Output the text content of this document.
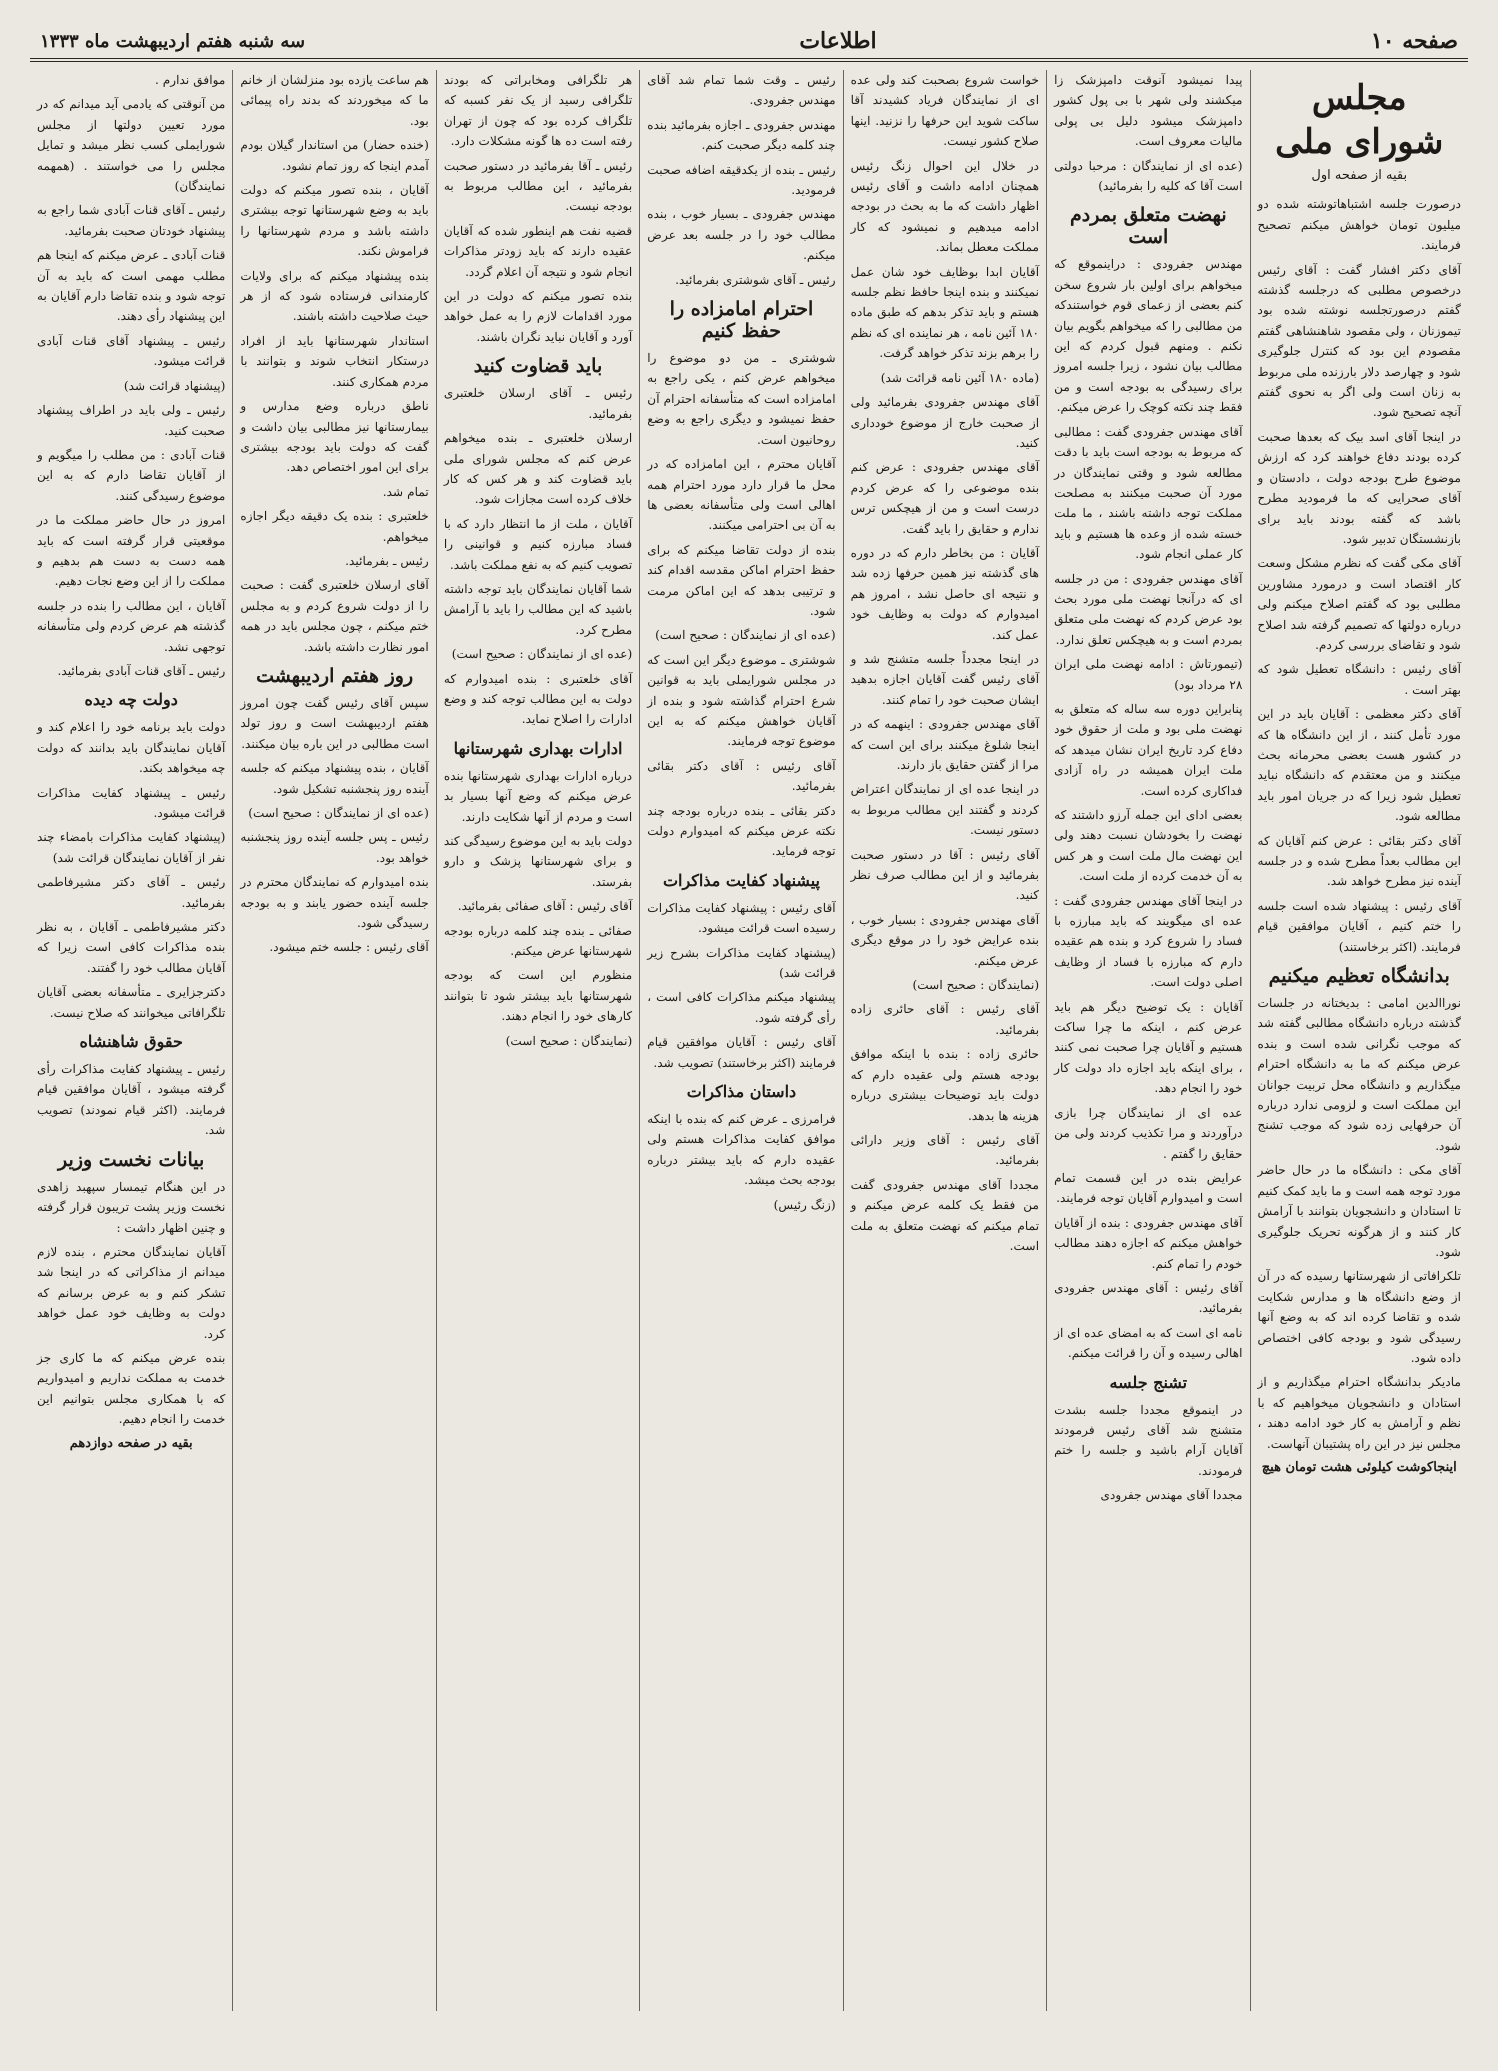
صفحه ۱۰
اطلاعات
سه شنبه هفتم ارديبهشت ماه ۱۳۳۳
مجلس شورای ملی
بقیه از صفحه اول

درصورت جلسه اشتباهاتوشته شده دو میلیون تومان خواهش میکنم تصحیح فرمایند.

آقای دکتر افشار گفت : آقای رئیس درخصوص مطلبی که درجلسه گذشته گفتم درصورتجلسه نوشته شده بود تیموزنان ، ولی مقصود شاهنشاهی گفتم مقصودم این بود که کنترل جلوگیری شود و چهارصد دلار بارزنده ملی مربوط به زنان است ولی اگر به نحوی گفتم آنچه تصحیح شود.

در اینجا آقای اسد بیک که بعدها صحبت کرده بودند دفاع خواهند کرد که ارزش موضوع طرح بودجه دولت ، دادستان و آقای صحرایی که ما فرمودید مطرح باشد که گفته بودند باید برای بازنشستگان تدبیر شود.

آقای مکی گفت که نظرم مشکل وسعت کار اقتصاد است و درمورد مشاورین مطلبی بود که گفتم اصلاح میکنم ولی درباره دولتها که تصمیم گرفته شد اصلاح شود و تقاضای بررسی کردم.

آقای رئیس : دانشگاه تعطیل شود که بهتر است .

آقای دکتر معظمی : آقایان باید در این مورد تأمل کنند ، از این دانشگاه ها که در کشور هست بعضی محرمانه بحث میکنند و من معتقدم که دانشگاه نباید تعطیل شود زیرا که در جریان امور باید مطالعه شود.

آقای دکتر بقائی : عرض کنم آقایان که این مطالب بعداً مطرح شده و در جلسه آینده نیز مطرح خواهد شد.

آقای رئیس : پیشنهاد شده است جلسه را ختم کنیم ، آقایان موافقین قیام فرمایند. (اکثر برخاستند)

بدانشگاه تعظیم میکنیم

نوراالدین امامی : بدیختانه در جلسات گذشته درباره دانشگاه مطالبی گفته شد که موجب نگرانی شده است و بنده عرض میکنم که ما به دانشگاه احترام میگذاریم و دانشگاه محل تربیت جوانان این مملکت است و لزومی ندارد درباره آن حرفهایی زده شود که موجب تشنج شود.

آقای مکی : دانشگاه ما در حال حاضر مورد توجه همه است و ما باید کمک کنیم تا استادان و دانشجویان بتوانند با آرامش کار کنند و از هرگونه تحریک جلوگیری شود.

تلکرافاتی از شهرستانها رسیده که در آن از وضع دانشگاه ها و مدارس شکایت شده و تقاضا کرده اند که به وضع آنها رسیدگی شود و بودجه کافی اختصاص داده شود.

مادیکر بدانشگاه احترام میگذاریم و از استادان و دانشجویان میخواهیم که با نظم و آرامش به کار خود ادامه دهند ، مجلس نیز در این راه پشتیبان آنهاست.

اینجاکوشت کیلوئی هشت تومان هیچ

پیدا نمیشود آنوقت دامپزشک زا میکشند ولی شهر با بی پول کشور دامپزشک میشود دلیل بی پولی مالیات معروف است.

(عده ای از نمایندگان : مرحبا دولتی است آقا که کلیه را بفرمائید)

نهضت متعلق بمردم است

مهندس جفرودی : دراینموقع که میخواهم برای اولین بار شروع سخن کنم بعضی از زعمای قوم خواستندکه من مطالبی را که میخواهم بگویم بیان نکنم . ومنهم قبول کردم که این مطالب بیان نشود ، زیرا جلسه امروز برای رسیدگی به بودجه است و من فقط چند نکته کوچک را عرض میکنم.

آقای مهندس جفرودی گفت : مطالبی که مربوط به بودجه است باید با دقت مطالعه شود و وقتی نمایندگان در مورد آن صحبت میکنند به مصلحت مملکت توجه داشته باشند ، ما ملت خسته شده از وعده ها هستیم و باید کار عملی انجام شود.

آقای مهندس جفرودی : من در جلسه ای که درآنجا نهضت ملی مورد بحث بود عرض کردم که نهضت ملی متعلق بمردم است و به هیچکس تعلق ندارد.

(تیمورتاش : ادامه نهضت ملی ایران ۲۸ مرداد بود)

پنابراین دوره سه ساله که متعلق به نهضت ملی بود و ملت از حقوق خود دفاع کرد تاریخ ایران نشان میدهد که ملت ایران همیشه در راه آزادی فداکاری کرده است.

بعضی ادای این جمله آرزو داشتند که نهضت را بخودشان نسبت دهند ولی این نهضت مال ملت است و هر کس به آن خدمت کرده از ملت است.

در اینجا آقای مهندس جفرودی گفت : عده ای میگویند که باید مبارزه با فساد را شروع کرد و بنده هم عقیده دارم که مبارزه با فساد از وظایف اصلی دولت است.

آقایان : یک توضیح دیگر هم باید عرض کنم ، اینکه ما چرا ساکت هستیم و آقایان چرا صحبت نمی کنند ، برای اینکه باید اجازه داد دولت کار خود را انجام دهد.

عده ای از نمایندگان چرا بازی درآوردند و مرا تکذیب کردند ولی من حقایق را گفتم .

عرایض بنده در این قسمت تمام است و امیدوارم آقایان توجه فرمایند.

آقای مهندس جفرودی : بنده از آقایان خواهش میکنم که اجازه دهند مطالب خودم را تمام کنم.

آقای رئیس : آقای مهندس جفرودی بفرمائید.

نامه ای است که به امضای عده ای از اهالی رسیده و آن را قرائت میکنم.

تشنج جلسه

در اینموقع مجددا جلسه بشدت متشنج شد آقای رئیس فرمودند آقایان آرام باشید و جلسه را ختم فرمودند.

مجددا آقای مهندس جفرودی

خواست شروع بصحبت کند ولی عده ای از نمایندگان فریاد کشیدند آقا ساکت شوید این حرفها را نزنید. اینها صلاح کشور نیست.

در خلال این احوال زنگ رئیس همچنان ادامه داشت و آقای رئیس اظهار داشت که ما به بحث در بودجه ادامه میدهیم و نمیشود که کار مملکت معطل بماند.

آقایان ابدا بوظایف خود شان عمل نمیکنند و بنده اینجا حافظ نظم جلسه هستم و باید تذکر بدهم که طبق ماده ۱۸۰ آئین نامه ، هر نماینده ای که نظم را برهم بزند تذکر خواهد گرفت.

(ماده ۱۸۰ آئین نامه قرائت شد)

آقای مهندس جفرودی بفرمائید ولی از صحبت خارج از موضوع خودداری کنید.

آقای مهندس جفرودی : عرض کنم بنده موضوعی را که عرض کردم درست است و من از هیچکس ترس ندارم و حقایق را باید گفت.

آقایان : من بخاطر دارم که در دوره های گذشته نیز همین حرفها زده شد و نتیجه ای حاصل نشد ، امروز هم امیدوارم که دولت به وظایف خود عمل کند.

در اینجا مجدداً جلسه متشنج شد و آقای رئیس گفت آقایان اجازه بدهید ایشان صحبت خود را تمام کنند.

آقای مهندس جفرودی : اینهمه که در اینجا شلوغ میکنند برای این است که مرا از گفتن حقایق باز دارند.

در اینجا عده ای از نمایندگان اعتراض کردند و گفتند این مطالب مربوط به دستور نیست.

آقای رئیس : آقا در دستور صحبت بفرمائید و از این مطالب صرف نظر کنید.

آقای مهندس جفرودی : بسیار خوب ، بنده عرایض خود را در موقع دیگری عرض میکنم.

(نمایندگان : صحیح است)

آقای رئیس : آقای حائری زاده بفرمائید.

حائری زاده : بنده با اینکه موافق بودجه هستم ولی عقیده دارم که دولت باید توضیحات بیشتری درباره هزینه ها بدهد.

آقای رئیس : آقای وزیر دارائی بفرمائید.

مجددا آقای مهندس جفرودی گفت من فقط یک کلمه عرض میکنم و تمام میکنم که نهضت متعلق به ملت است.

رئیس ـ وقت شما تمام شد آقای مهندس جفرودی.

مهندس جفرودی ـ اجازه بفرمائید بنده چند کلمه دیگر صحبت کنم.

رئیس ـ بنده از یکدقیقه اضافه صحبت فرمودید.

مهندس جفرودی ـ بسیار خوب ، بنده مطالب خود را در جلسه بعد عرض میکنم.

رئیس ـ آقای شوشتری بفرمائید.

احترام امامزاده را حفظ کنیم

شوشتری ـ من دو موضوع را میخواهم عرض کنم ، یکی راجع به امامزاده است که متأسفانه احترام آن حفظ نمیشود و دیگری راجع به وضع روحانیون است.

آقایان محترم ، این امامزاده که در محل ما قرار دارد مورد احترام همه اهالی است ولی متأسفانه بعضی ها به آن بی احترامی میکنند.

بنده از دولت تقاضا میکنم که برای حفظ احترام اماکن مقدسه اقدام کند و ترتیبی بدهد که این اماکن مرمت شود.

(عده ای از نمایندگان : صحیح است)

شوشتری ـ موضوع دیگر این است که در مجلس شورایملی باید به قوانین شرع احترام گذاشته شود و بنده از آقایان خواهش میکنم که به این موضوع توجه فرمایند.

آقای رئیس : آقای دکتر بقائی بفرمائید.

دکتر بقائی ـ بنده درباره بودجه چند نکته عرض میکنم که امیدوارم دولت توجه فرماید.

پیشنهاد کفایت مذاکرات

آقای رئیس : پیشنهاد کفایت مذاکرات رسیده است قرائت میشود.

(پیشنهاد کفایت مذاکرات بشرح زیر قرائت شد)

پیشنهاد میکنم مذاکرات کافی است ، رأی گرفته شود.

آقای رئیس : آقایان موافقین قیام فرمایند (اکثر برخاستند) تصویب شد.

داستان مذاکرات

فرامرزی ـ عرض کنم که بنده با اینکه موافق کفایت مذاکرات هستم ولی عقیده دارم که باید بیشتر درباره بودجه بحث میشد.

(زنگ رئیس)

هر تلگرافی ومخابراتی که بودند تلگرافی رسید از یک نفر کسبه که تلگراف کرده بود که چون از تهران رفته است ده ها گونه مشکلات دارد.

رئیس ـ آقا بفرمائید در دستور صحبت بفرمائید ، این مطالب مربوط به بودجه نیست.

قضیه نفت هم اینطور شده که آقایان عقیده دارند که باید زودتر مذاکرات انجام شود و نتیجه آن اعلام گردد.

بنده تصور میکنم که دولت در این مورد اقدامات لازم را به عمل خواهد آورد و آقایان نباید نگران باشند.

باید قضاوت کنید

رئیس ـ آقای ارسلان خلعتبری بفرمائید.

ارسلان خلعتبری ـ بنده میخواهم عرض کنم که مجلس شورای ملی باید قضاوت کند و هر کس که کار خلاف کرده است مجازات شود.

آقایان ، ملت از ما انتظار دارد که با فساد مبارزه کنیم و قوانینی را تصویب کنیم که به نفع مملکت باشد.

شما آقایان نمایندگان باید توجه داشته باشید که این مطالب را باید با آرامش مطرح کرد.

(عده ای از نمایندگان : صحیح است)

آقای خلعتبری : بنده امیدوارم که دولت به این مطالب توجه کند و وضع ادارات را اصلاح نماید.

ادارات بهداری شهرستانها

درباره ادارات بهداری شهرستانها بنده عرض میکنم که وضع آنها بسیار بد است و مردم از آنها شکایت دارند.

دولت باید به این موضوع رسیدگی کند و برای شهرستانها پزشک و دارو بفرستد.

آقای رئیس : آقای صفائی بفرمائید.

صفائی ـ بنده چند کلمه درباره بودجه شهرستانها عرض میکنم.

منظورم این است که بودجه شهرستانها باید بیشتر شود تا بتوانند کارهای خود را انجام دهند.

(نمایندگان : صحیح است)

هم ساعت یازده بود منزلشان از خانم ما که میخوردند که بدند راه پیمائی بود.

(خنده حضار) من استاندار گیلان بودم آمدم اینجا که روز تمام نشود.

آقایان ، بنده تصور میکنم که دولت باید به وضع شهرستانها توجه بیشتری داشته باشد و مردم شهرستانها را فراموش نکند.

بنده پیشنهاد میکنم که برای ولایات کارمندانی فرستاده شود که از هر حیث صلاحیت داشته باشند.

استاندار شهرستانها باید از افراد درستکار انتخاب شوند و بتوانند با مردم همکاری کنند.

ناطق درباره وضع مدارس و بیمارستانها نیز مطالبی بیان داشت و گفت که دولت باید بودجه بیشتری برای این امور اختصاص دهد.

تمام شد.

خلعتبری : بنده یک دقیقه دیگر اجازه میخواهم.

رئیس ـ بفرمائید.

آقای ارسلان خلعتبری گفت : صحبت را از دولت شروع کردم و به مجلس ختم میکنم ، چون مجلس باید در همه امور نظارت داشته باشد.

روز هفتم اردیبهشت

سپس آقای رئیس گفت چون امروز هفتم اردیبهشت است و روز تولد است مطالبی در این باره بیان میکنند.

آقایان ، بنده پیشنهاد میکنم که جلسه آینده روز پنجشنبه تشکیل شود.

(عده ای از نمایندگان : صحیح است)

رئیس ـ پس جلسه آینده روز پنجشنبه خواهد بود.

بنده امیدوارم که نمایندگان محترم در جلسه آینده حضور یابند و به بودجه رسیدگی شود.

آقای رئیس : جلسه ختم میشود.

موافق ندارم .

من آنوقتی که یادمی آید میدانم که در مورد تعیین دولتها از مجلس شورایملی کسب نظر میشد و تمایل مجلس را می خواستند . (همهمه نمایندگان)

رئیس ـ آقای قنات آبادی شما راجع به پیشنهاد خودتان صحبت بفرمائید.

قنات آبادی ـ عرض میکنم که اینجا هم مطلب مهمی است که باید به آن توجه شود و بنده تقاضا دارم آقایان به این پیشنهاد رأی دهند.

رئیس ـ پیشنهاد آقای قنات آبادی قرائت میشود.

(پیشنهاد قرائت شد)

رئیس ـ ولی باید در اطراف پیشنهاد صحبت کنید.

قنات آبادی : من مطلب را میگویم و از آقایان تقاضا دارم که به این موضوع رسیدگی کنند.

امروز در حال حاضر مملکت ما در موقعیتی قرار گرفته است که باید همه دست به دست هم بدهیم و مملکت را از این وضع نجات دهیم.

آقایان ، این مطالب را بنده در جلسه گذشته هم عرض کردم ولی متأسفانه توجهی نشد.

رئیس ـ آقای قنات آبادی بفرمائید.

دولت چه دیده

دولت باید برنامه خود را اعلام کند و آقایان نمایندگان باید بدانند که دولت چه میخواهد بکند.

رئیس ـ پیشنهاد کفایت مذاکرات قرائت میشود.

(پیشنهاد کفایت مذاکرات بامضاء چند نفر از آقایان نمایندگان قرائت شد)

رئیس ـ آقای دکتر مشیرفاطمی بفرمائید.

دکتر مشیرفاطمی ـ آقایان ، به نظر بنده مذاکرات کافی است زیرا که آقایان مطالب خود را گفتند.

دکترجزایری ـ متأسفانه بعضی آقایان تلگرافاتی میخوانند که صلاح نیست.

حقوق شاهنشاه

رئیس ـ پیشنهاد کفایت مذاکرات رأی گرفته میشود ، آقایان موافقین قیام فرمایند. (اکثر قیام نمودند) تصویب شد.

بیانات نخست وزیر

در این هنگام تیمسار سپهبد زاهدی نخست وزیر پشت تریبون قرار گرفته و چنین اظهار داشت :

آقایان نمایندگان محترم ، بنده لازم میدانم از مذاکراتی که در اینجا شد تشکر کنم و به عرض برسانم که دولت به وظایف خود عمل خواهد کرد.

بنده عرض میکنم که ما کاری جز خدمت به مملکت نداریم و امیدواریم که با همکاری مجلس بتوانیم این خدمت را انجام دهیم.

بقیه در صفحه دوازدهم
